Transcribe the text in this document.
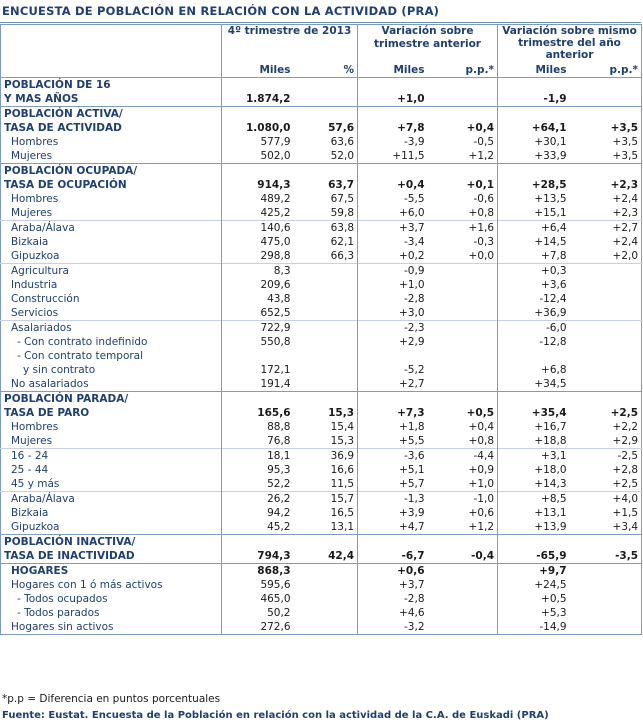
ENCUESTA DE POBLACIÓN EN RELACIÓN CON LA ACTIVIDAD (PRA)
	4º trimestre de 2013		Variación sobre trimestre anterior		Variación sobre mismo trimestre del año anterior	
	Miles	%	Miles	p.p.*	Miles	p.p.*
POBLACIÓN DE 16						
Y MAS AÑOS	1.874,2		+1,0		-1,9	
POBLACIÓN ACTIVA/						
TASA DE ACTIVIDAD	1.080,0	57,6	+7,8	+0,4	+64,1	+3,5
Hombres	577,9	63,6	-3,9	-0,5	+30,1	+3,5
Mujeres	502,0	52,0	+11,5	+1,2	+33,9	+3,5
POBLACIÓN OCUPADA/						
TASA DE OCUPACIÓN	914,3	63,7	+0,4	+0,1	+28,5	+2,3
Hombres	489,2	67,5	-5,5	-0,6	+13,5	+2,4
Mujeres	425,2	59,8	+6,0	+0,8	+15,1	+2,3
Araba/Álava	140,6	63,8	+3,7	+1,6	+6,4	+2,7
Bizkaia	475,0	62,1	-3,4	-0,3	+14,5	+2,4
Gipuzkoa	298,8	66,3	+0,2	+0,0	+7,8	+2,0
Agricultura	8,3		-0,9		+0,3	
Industria	209,6		+1,0		+3,6	
Construcción	43,8		-2,8		-12,4	
Servicios	652,5		+3,0		+36,9	
Asalariados	722,9		-2,3		-6,0	
- Con contrato indefinido	550,8		+2,9		-12,8	
- Con contrato temporal						
y sin contrato	172,1		-5,2		+6,8	
No asalariados	191,4		+2,7		+34,5	
POBLACIÓN PARADA/						
TASA DE PARO	165,6	15,3	+7,3	+0,5	+35,4	+2,5
Hombres	88,8	15,4	+1,8	+0,4	+16,7	+2,2
Mujeres	76,8	15,3	+5,5	+0,8	+18,8	+2,9
16 - 24	18,1	36,9	-3,6	-4,4	+3,1	-2,5
25 - 44	95,3	16,6	+5,1	+0,9	+18,0	+2,8
45 y más	52,2	11,5	+5,7	+1,0	+14,3	+2,5
Araba/Álava	26,2	15,7	-1,3	-1,0	+8,5	+4,0
Bizkaia	94,2	16,5	+3,9	+0,6	+13,1	+1,5
Gipuzkoa	45,2	13,1	+4,7	+1,2	+13,9	+3,4
POBLACIÓN INACTIVA/						
TASA DE INACTIVIDAD	794,3	42,4	-6,7	-0,4	-65,9	-3,5
HOGARES	868,3		+0,6		+9,7	
Hogares con 1 ó más activos	595,6		+3,7		+24,5	
- Todos ocupados	465,0		-2,8		+0,5	
- Todos parados	50,2		+4,6		+5,3	
Hogares sin activos	272,6		-3,2		-14,9	
*p.p = Diferencia en puntos porcentuales
Fuente: Eustat. Encuesta de la Población en relación con la actividad de la C.A. de Euskadi (PRA)
